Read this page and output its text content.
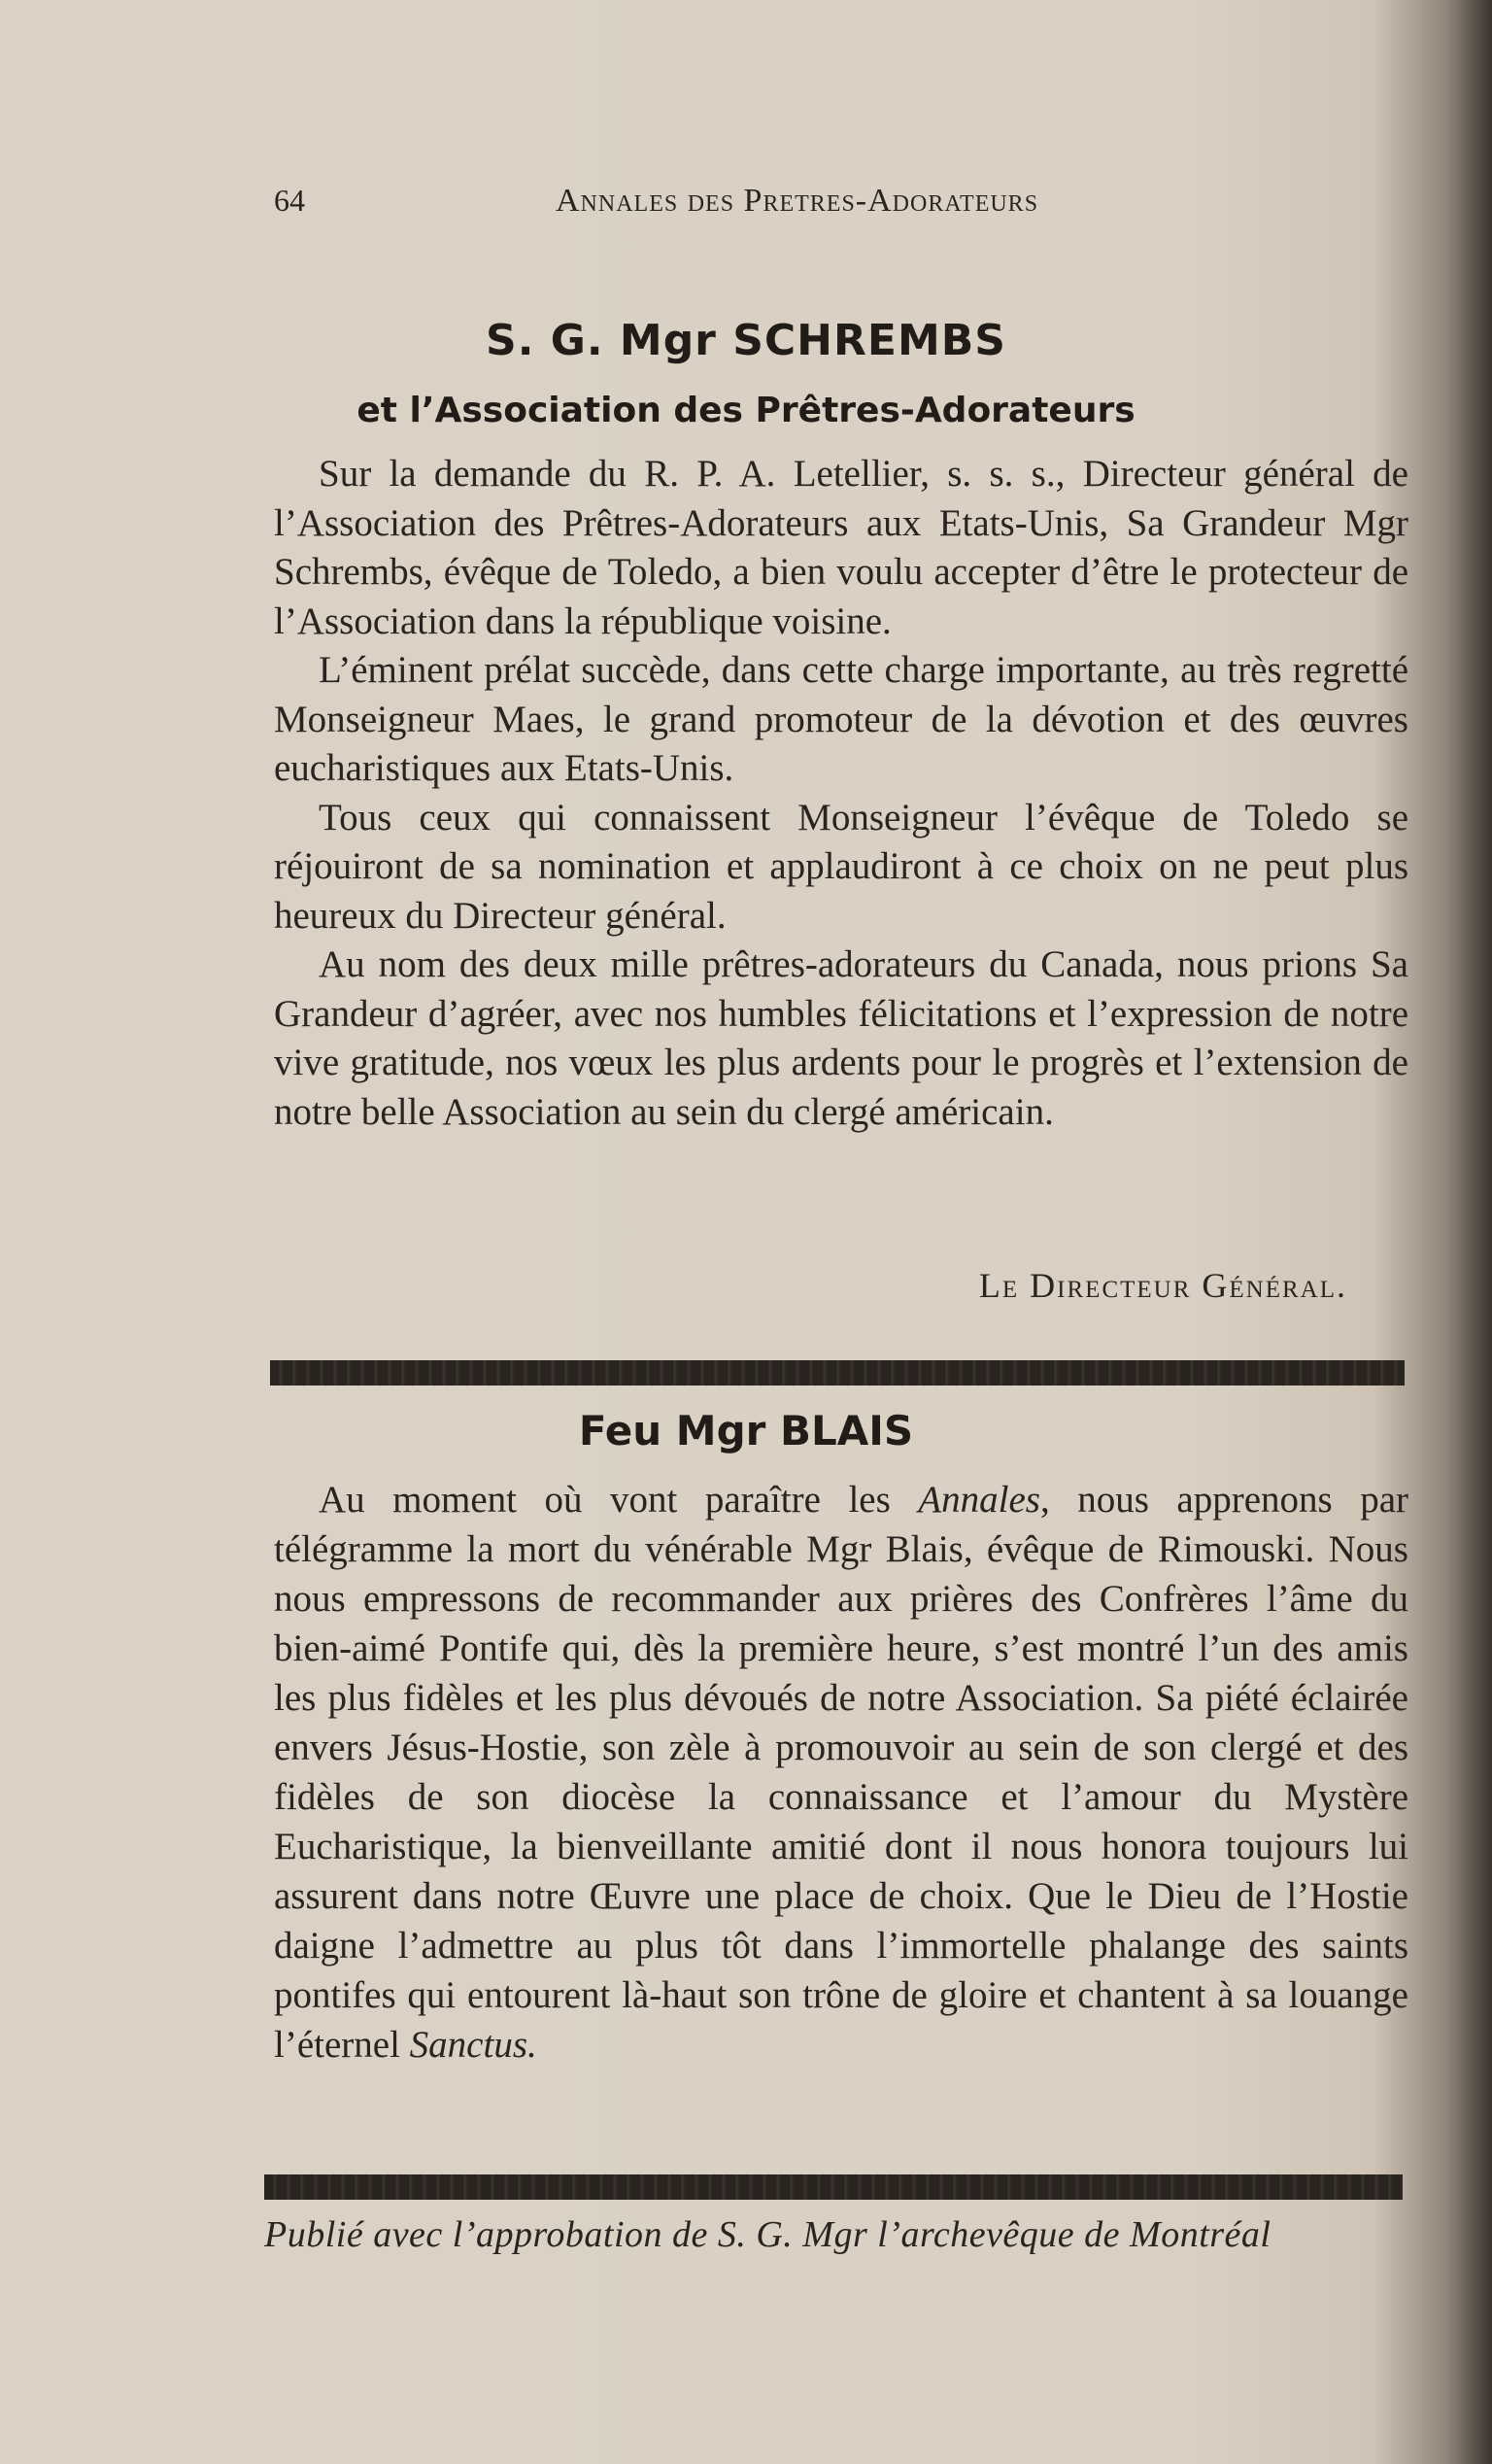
64	Annales des Pretres-Adorateurs
S. G. Mgr SCHREMBS
et l’Association des Prêtres-Adorateurs

Sur la demande du R. P. A. Letellier, s. s. s., Directeur général de l’Association des Prêtres-Adorateurs aux Etats-Unis, Sa Grandeur Mgr Schrembs, évêque de Toledo, a bien voulu accepter d’être le protecteur de l’Association dans la république voisine.

L’éminent prélat succède, dans cette charge importante, au très regretté Monseigneur Maes, le grand promoteur de la dévotion et des œuvres eucharistiques aux Etats-Unis.

Tous ceux qui connaissent Monseigneur l’évêque de Toledo se réjouiront de sa nomination et applaudiront à ce choix on ne peut plus heureux du Directeur général.

Au nom des deux mille prêtres-adorateurs du Canada, nous prions Sa Grandeur d’agréer, avec nos humbles félicitations et l’expression de notre vive gratitude, nos vœux les plus ardents pour le progrès et l’extension de notre belle Association au sein du clergé américain.

Le Directeur Général.
Feu Mgr BLAIS

Au moment où vont paraître les Annales, nous apprenons par télégramme la mort du vénérable Mgr Blais, évêque de Rimouski. Nous nous empressons de recommander aux prières des Confrères l’âme du bien-aimé Pontife qui, dès la première heure, s’est montré l’un des amis les plus fidèles et les plus dévoués de notre Association. Sa piété éclairée envers Jésus-Hostie, son zèle à promouvoir au sein de son clergé et des fidèles de son diocèse la connaissance et l’amour du Mystère Eucharistique, la bienveillante amitié dont il nous honora toujours lui assurent dans notre Œuvre une place de choix. Que le Dieu de l’Hostie daigne l’admettre au plus tôt dans l’immortelle phalange des saints pontifes qui entourent là-haut son trône de gloire et chantent à sa louange l’éternel Sanctus.

Publié avec l’approbation de S. G. Mgr l’archevêque de Montréal
